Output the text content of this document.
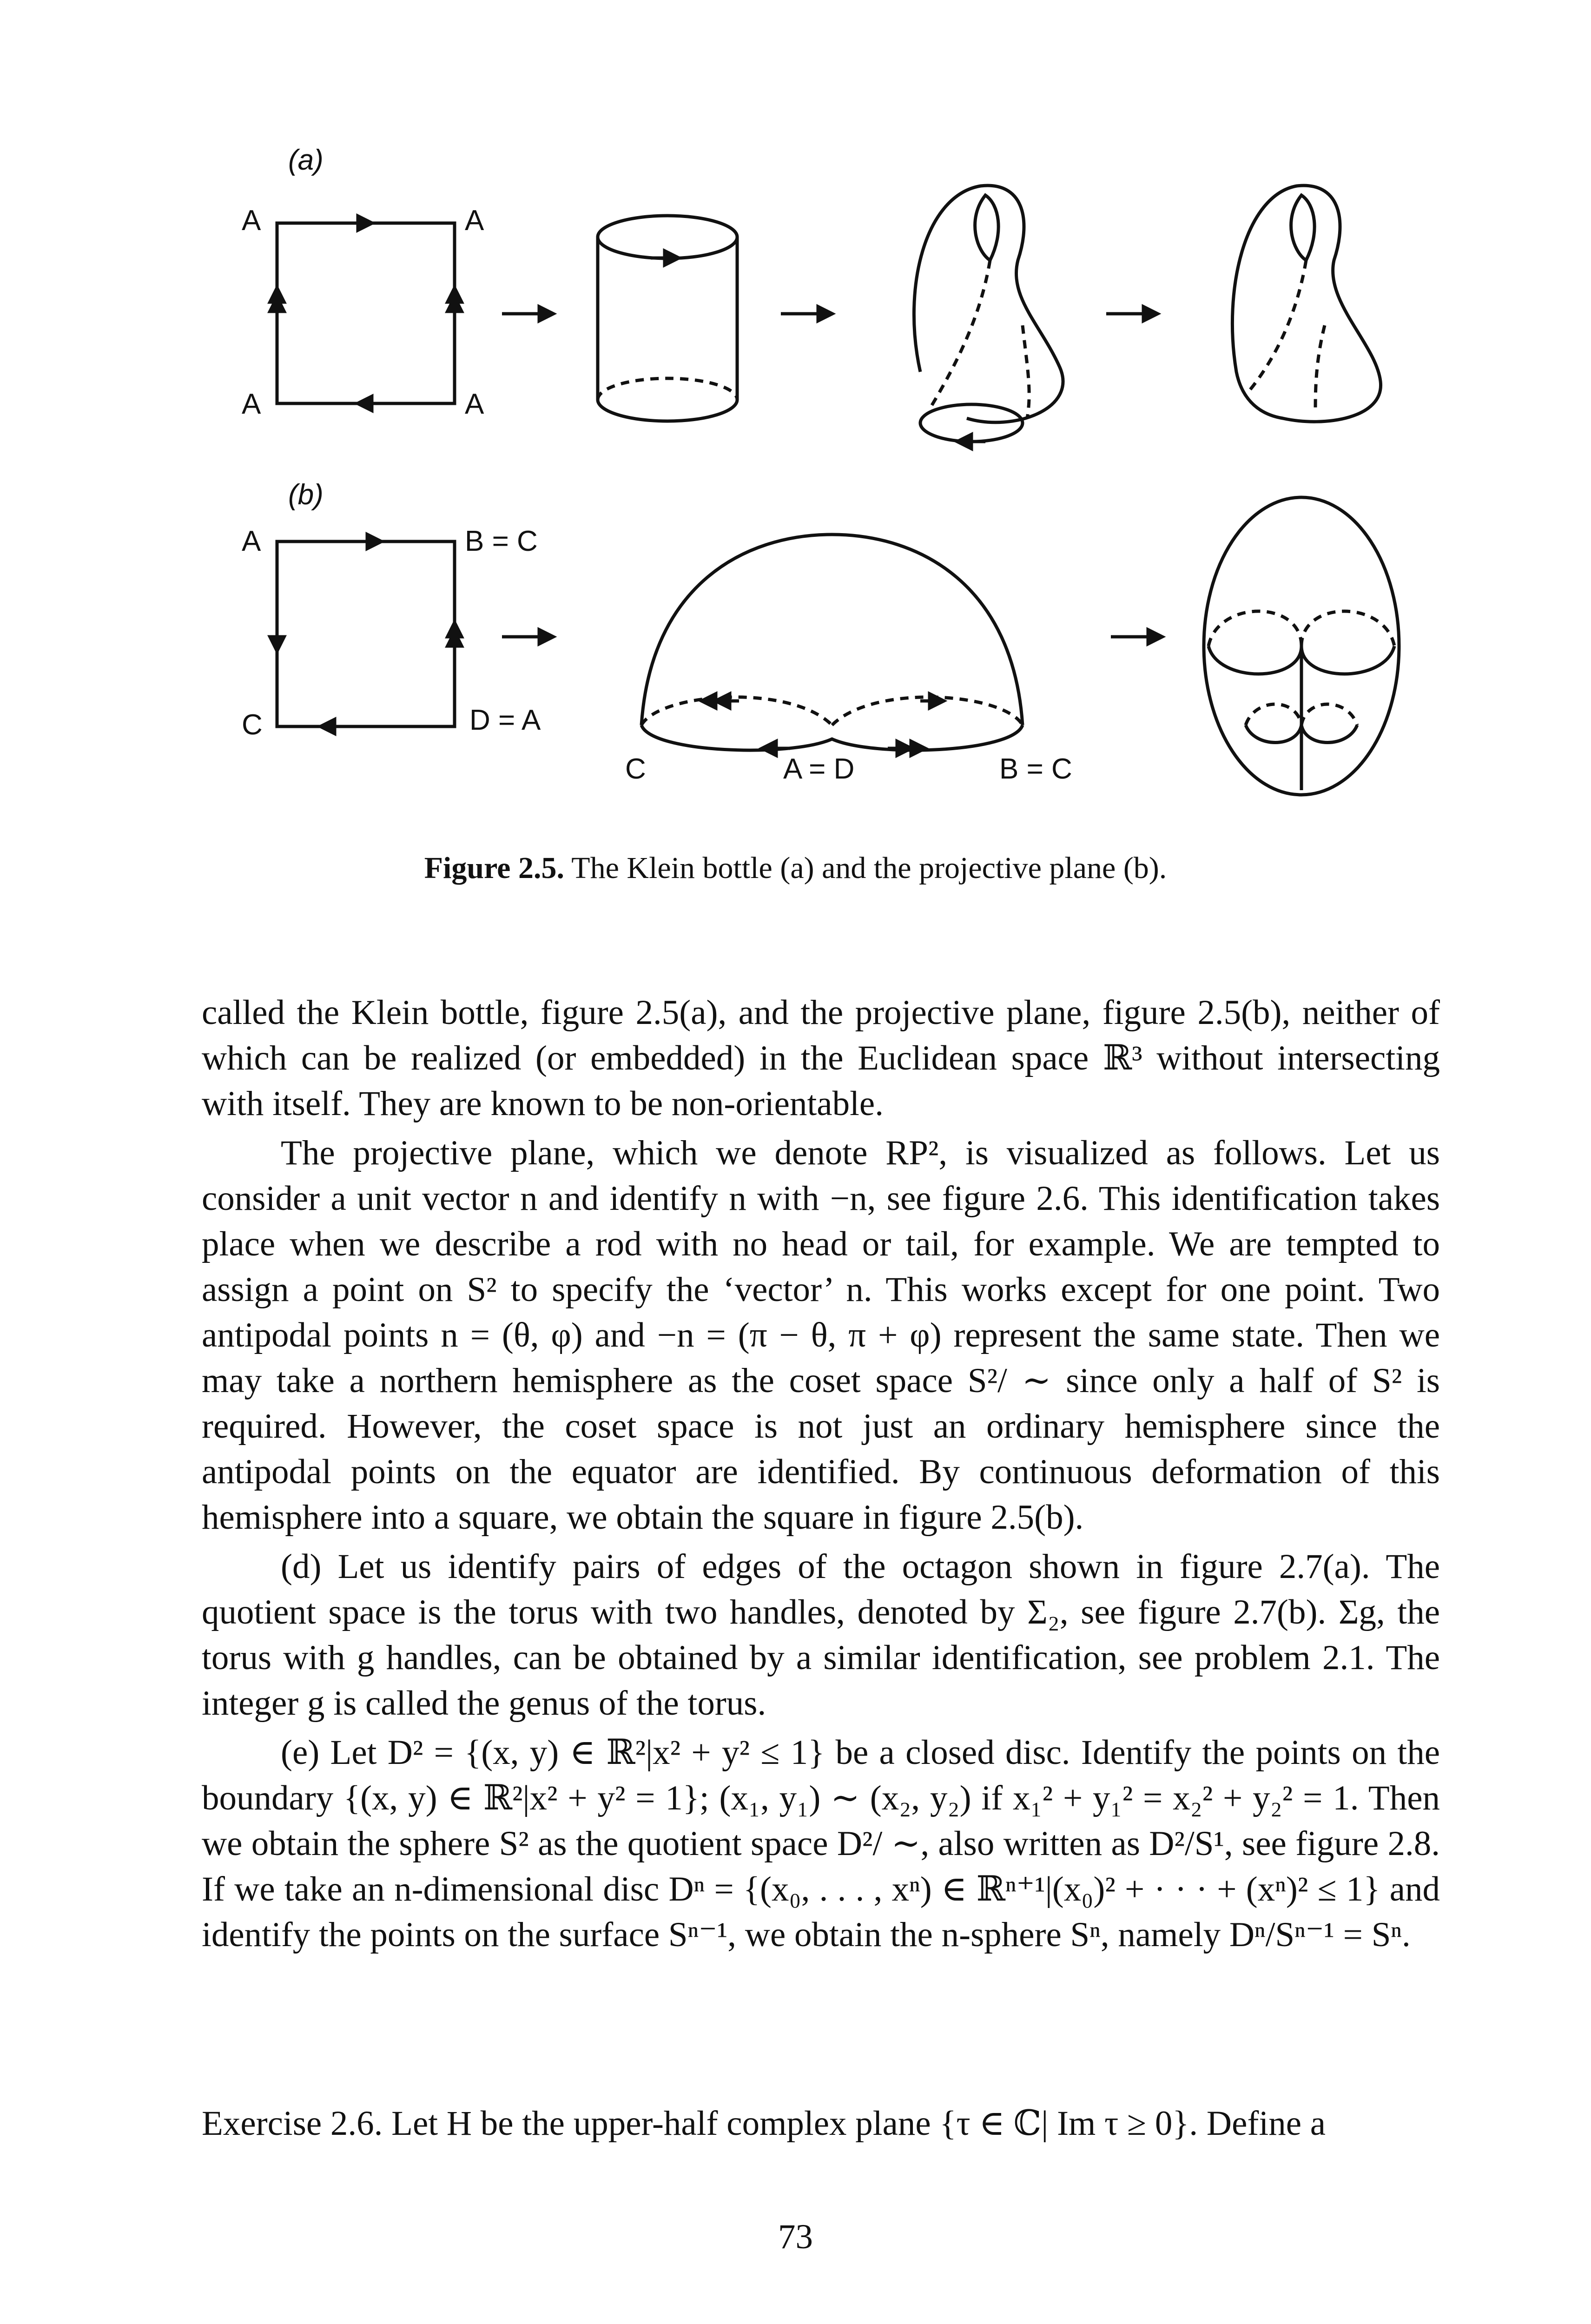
(a)
A	A
A	A
(b)
A	B = C
C	D = A
C	A = D	B = C
Figure 2.5. The Klein bottle (a) and the projective plane (b).

called the Klein bottle, figure 2.5(a), and the projective plane, figure 2.5(b), neither of which can be realized (or embedded) in the Euclidean space ℝ³ without intersecting with itself. They are known to be non-orientable.

The projective plane, which we denote RP², is visualized as follows. Let us consider a unit vector n and identify n with −n, see figure 2.6. This identification takes place when we describe a rod with no head or tail, for example. We are tempted to assign a point on S² to specify the ‘vector’ n. This works except for one point. Two antipodal points n = (θ, φ) and −n = (π − θ, π + φ) represent the same state. Then we may take a northern hemisphere as the coset space S²/ ∼ since only a half of S² is required. However, the coset space is not just an ordinary hemisphere since the antipodal points on the equator are identified. By continuous deformation of this hemisphere into a square, we obtain the square in figure 2.5(b).

(d) Let us identify pairs of edges of the octagon shown in figure 2.7(a). The quotient space is the torus with two handles, denoted by Σ₂, see figure 2.7(b). Σg, the torus with g handles, can be obtained by a similar identification, see problem 2.1. The integer g is called the genus of the torus.

(e) Let D² = {(x, y) ∈ ℝ²|x² + y² ≤ 1} be a closed disc. Identify the points on the boundary {(x, y) ∈ ℝ²|x² + y² = 1}; (x₁, y₁) ∼ (x₂, y₂) if x₁² + y₁² = x₂² + y₂² = 1. Then we obtain the sphere S² as the quotient space D²/ ∼, also written as D²/S¹, see figure 2.8. If we take an n-dimensional disc Dⁿ = {(x₀, . . . , xⁿ) ∈ ℝⁿ⁺¹|(x₀)² + · · · + (xⁿ)² ≤ 1} and identify the points on the surface Sⁿ⁻¹, we obtain the n-sphere Sⁿ, namely Dⁿ/Sⁿ⁻¹ = Sⁿ.

Exercise 2.6. Let H be the upper-half complex plane {τ ∈ ℂ| Im τ ≥ 0}. Define a
73
